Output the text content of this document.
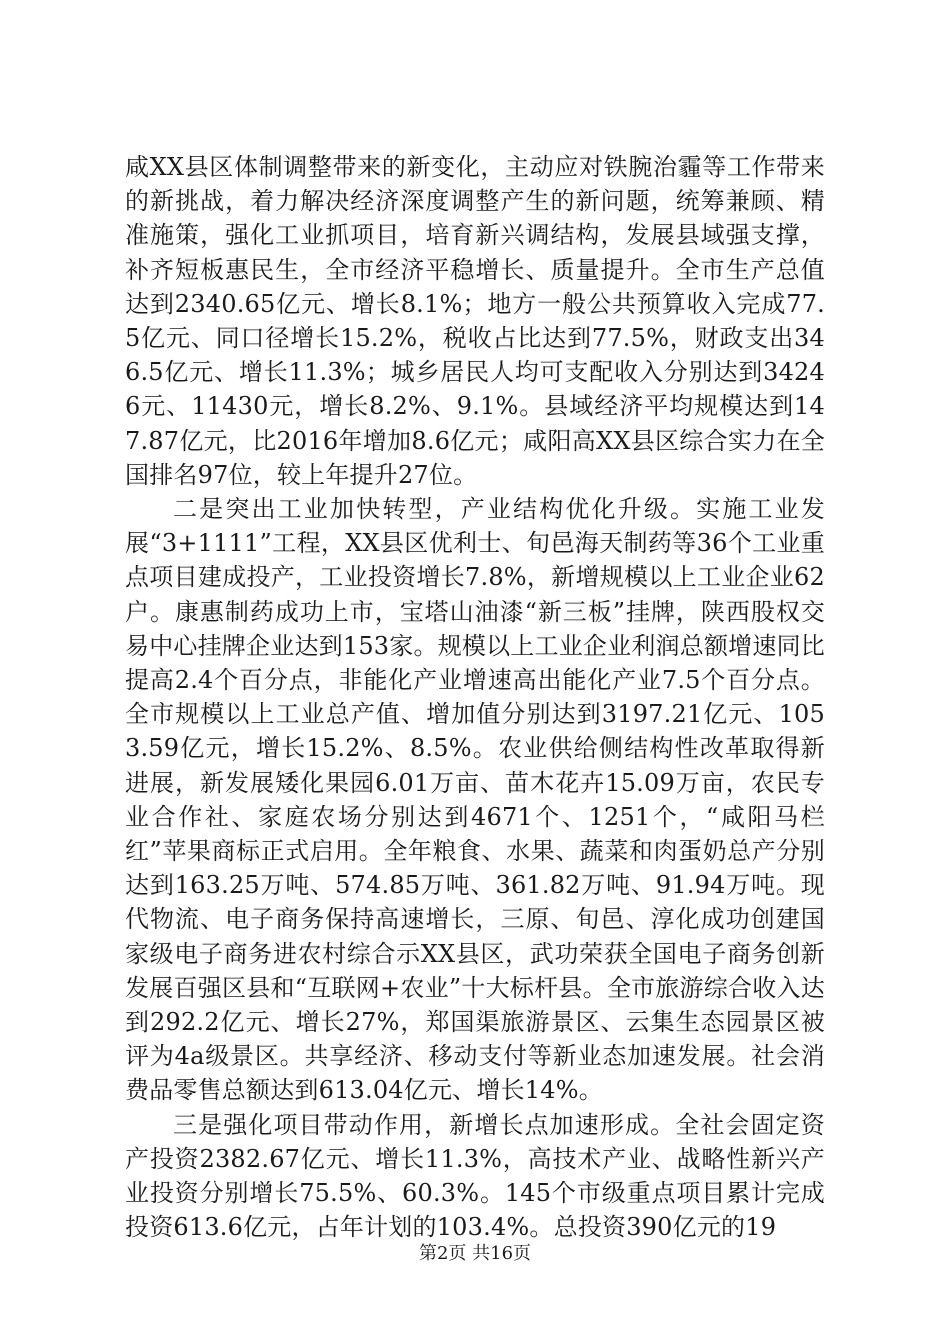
咸XX县区体制调整带来的新变化，主动应对铁腕治霾等工作带来的新挑战，着力解决经济深度调整产生的新问题，统筹兼顾、精准施策，强化工业抓项目，培育新兴调结构，发展县域强支撑，补齐短板惠民生，全市经济平稳增长、质量提升。全市生产总值达到2340.65亿元、增长8.1%；地方一般公共预算收入完成77.5亿元、同口径增长15.2%，税收占比达到77.5%，财政支出346.5亿元、增长11.3%；城乡居民人均可支配收入分别达到34246元、11430元，增长8.2%、9.1%。县域经济平均规模达到147.87亿元，比2016年增加8.6亿元；咸阳高XX县区综合实力在全国排名97位，较上年提升27位。

二是突出工业加快转型，产业结构优化升级。实施工业发展“3+1111”工程，XX县区优利士、旬邑海天制药等36个工业重点项目建成投产，工业投资增长7.8%，新增规模以上工业企业62户。康惠制药成功上市，宝塔山油漆“新三板”挂牌，陕西股权交易中心挂牌企业达到153家。规模以上工业企业利润总额增速同比提高2.4个百分点，非能化产业增速高出能化产业7.5个百分点。全市规模以上工业总产值、增加值分别达到3197.21亿元、1053.59亿元，增长15.2%、8.5%。农业供给侧结构性改革取得新进展，新发展矮化果园6.01万亩、苗木花卉15.09万亩，农民专业合作社、家庭农场分别达到4671个、1251个，“咸阳马栏红”苹果商标正式启用。全年粮食、水果、蔬菜和肉蛋奶总产分别达到163.25万吨、574.85万吨、361.82万吨、91.94万吨。现代物流、电子商务保持高速增长，三原、旬邑、淳化成功创建国家级电子商务进农村综合示XX县区，武功荣获全国电子商务创新发展百强区县和“互联网+农业”十大标杆县。全市旅游综合收入达到292.2亿元、增长27%，郑国渠旅游景区、云集生态园景区被评为4a级景区。共享经济、移动支付等新业态加速发展。社会消费品零售总额达到613.04亿元、增长14%。

三是强化项目带动作用，新增长点加速形成。全社会固定资产投资2382.67亿元、增长11.3%，高技术产业、战略性新兴产业投资分别增长75.5%、60.3%。145个市级重点项目累计完成投资613.6亿元，占年计划的103.4%。总投资390亿元的19

第2页 共16页
